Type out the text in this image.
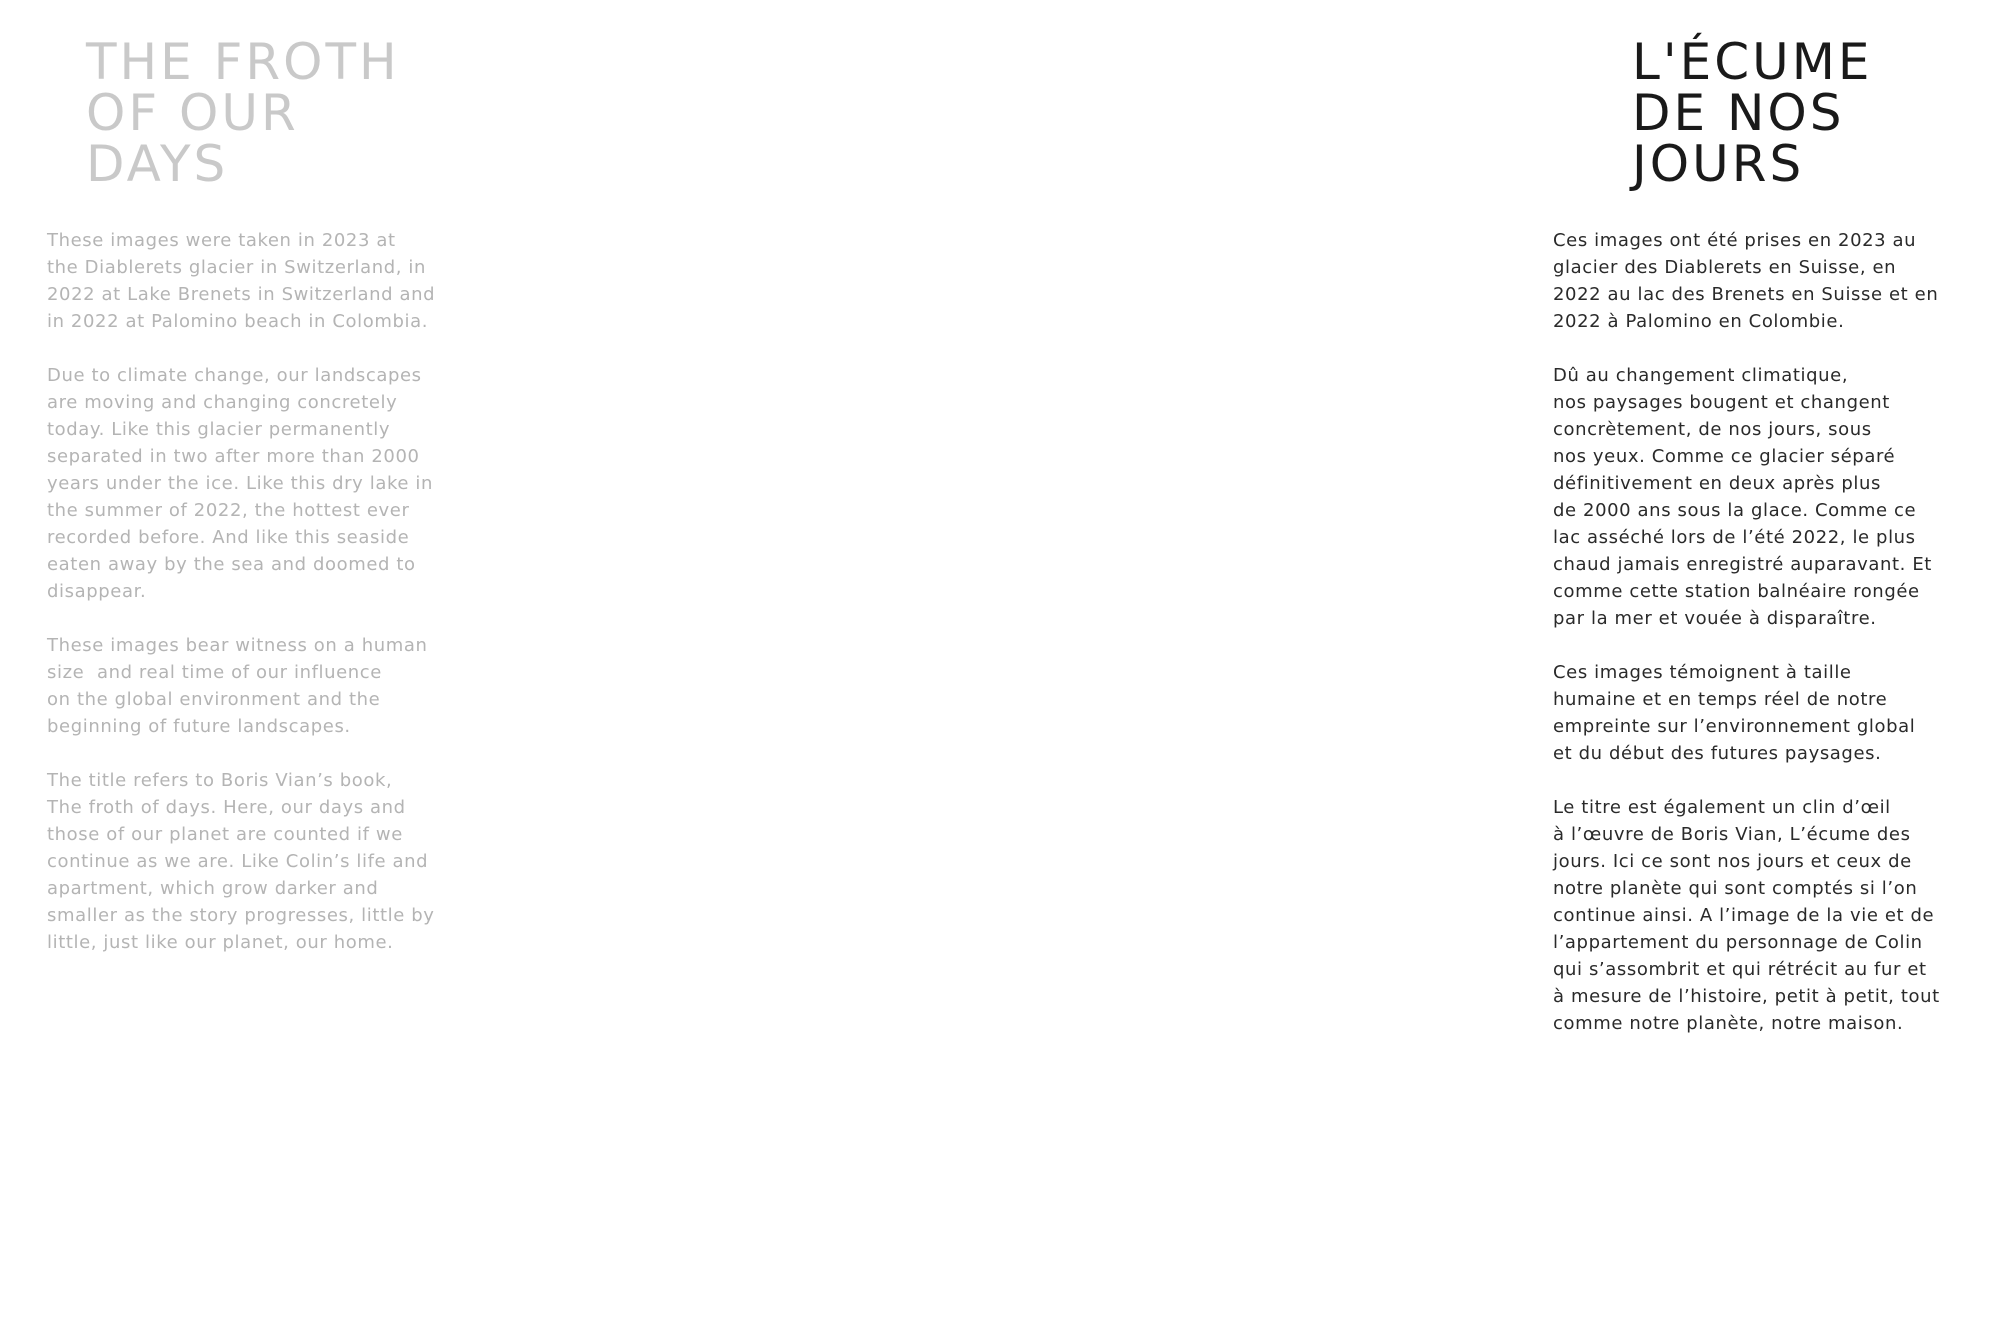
THE FROTH
OF OUR
DAYS

These images were taken in 2023 at
the Diablerets glacier in Switzerland, in
2022 at Lake Brenets in Switzerland and
in 2022 at Palomino beach in Colombia.

Due to climate change, our landscapes
are moving and changing concretely
today. Like this glacier permanently
separated in two after more than 2000
years under the ice. Like this dry lake in
the summer of 2022, the hottest ever
recorded before. And like this seaside
eaten away by the sea and doomed to
disappear.

These images bear witness on a human
size  and real time of our influence
on the global environment and the
beginning of future landscapes.

The title refers to Boris Vian’s book,
The froth of days. Here, our days and
those of our planet are counted if we
continue as we are. Like Colin’s life and
apartment, which grow darker and
smaller as the story progresses, little by
little, just like our planet, our home.

L'ÉCUME
DE NOS
JOURS

Ces images ont été prises en 2023 au
glacier des Diablerets en Suisse, en
2022 au lac des Brenets en Suisse et en
2022 à Palomino en Colombie.

Dû au changement climatique,
nos paysages bougent et changent
concrètement, de nos jours, sous
nos yeux. Comme ce glacier séparé
définitivement en deux après plus
de 2000 ans sous la glace. Comme ce
lac asséché lors de l’été 2022, le plus
chaud jamais enregistré auparavant. Et
comme cette station balnéaire rongée
par la mer et vouée à disparaître.

Ces images témoignent à taille
humaine et en temps réel de notre
empreinte sur l’environnement global
et du début des futures paysages.

Le titre est également un clin d’œil
à l’œuvre de Boris Vian, L’écume des
jours. Ici ce sont nos jours et ceux de
notre planète qui sont comptés si l’on
continue ainsi. A l’image de la vie et de
l’appartement du personnage de Colin
qui s’assombrit et qui rétrécit au fur et
à mesure de l’histoire, petit à petit, tout
comme notre planète, notre maison.
